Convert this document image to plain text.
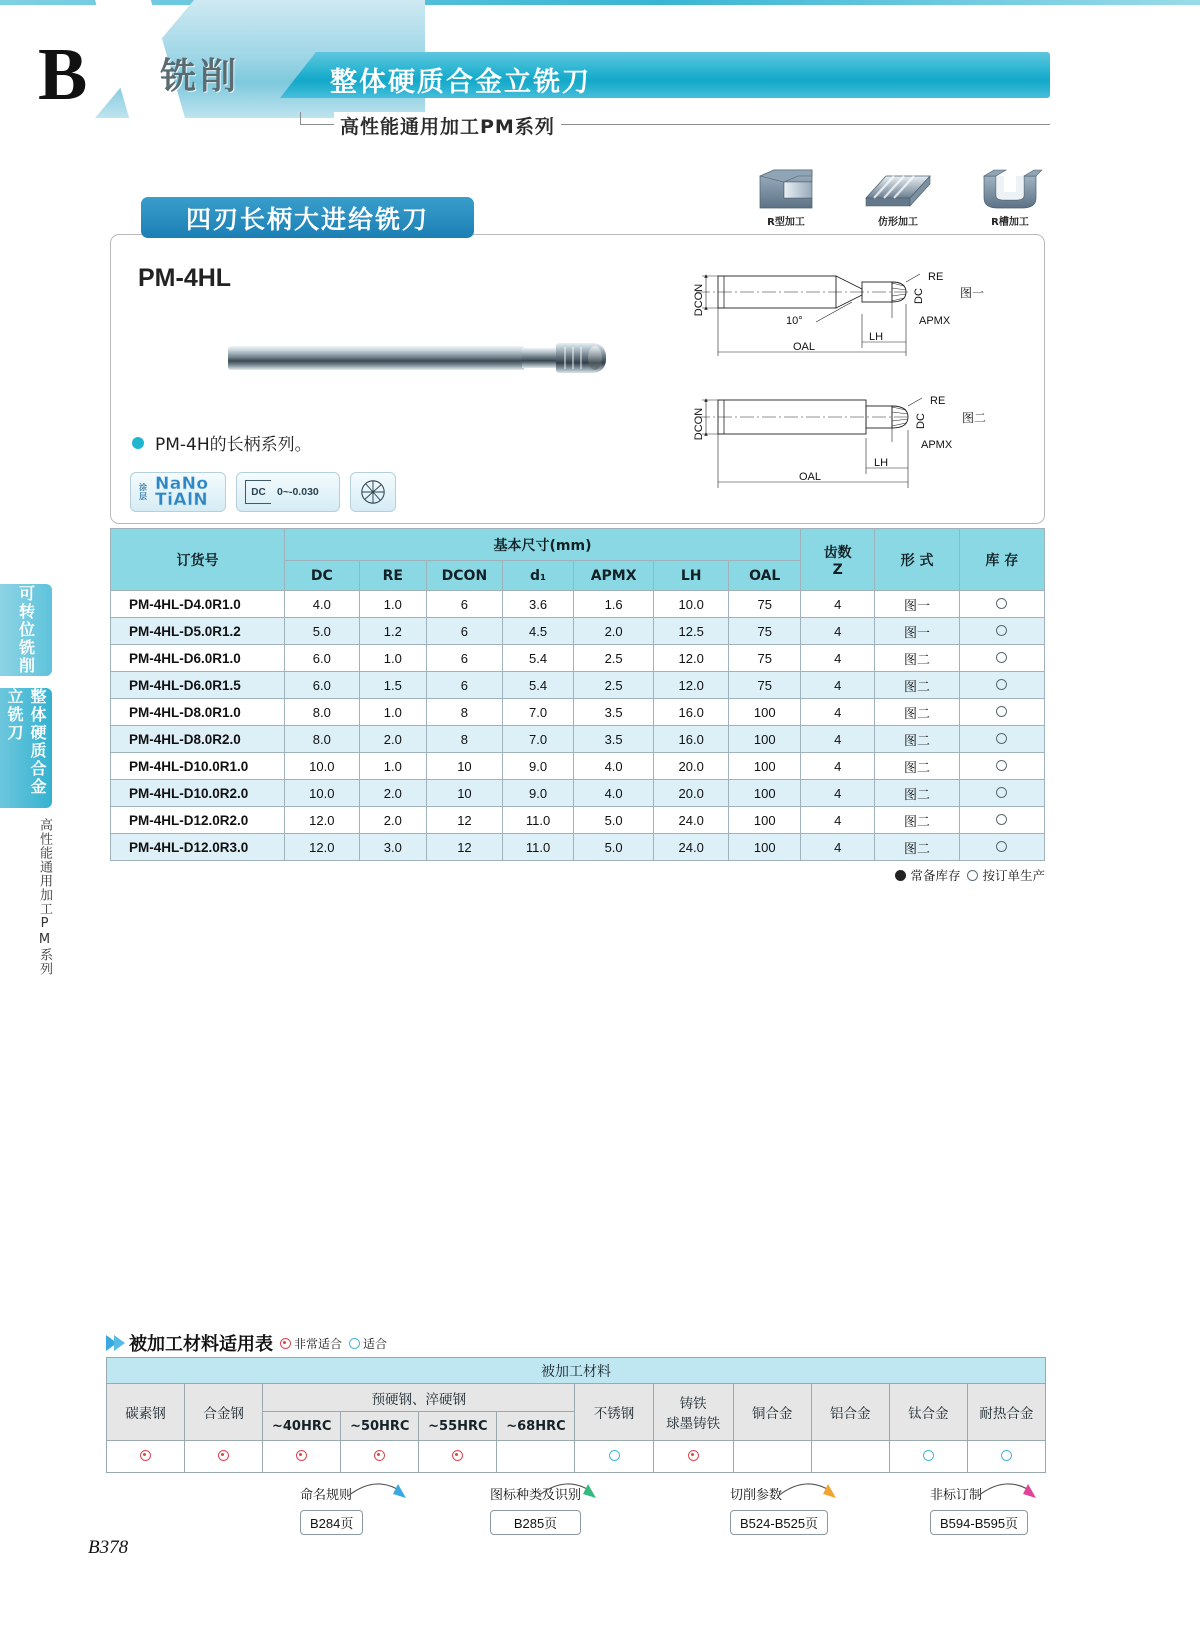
B 铣削	整体硬质合金立铣刀
高性能通用加工PM系列
可转位铣削
整体硬质合金立铣刀
高性能通用加工PM系列
R型加工	仿形加工	R槽加工
四刃长柄大进给铣刀
PM-4HL
PM-4H的长柄系列。
涂层
NaNo
TiAlN	DC	0~-0.030
DCON
RE
DC
APMX
LH
OAL
10°
图一
DCON
RE
DC
APMX
LH
OAL
图二
订货号	基本尺寸(mm)							齿数
Z	形 式	库 存
	DC	RE	DCON	d₁	APMX	LH	OAL			
PM-4HL-D4.0R1.0	4.0	1.0	6	3.6	1.6	10.0	75	4	图一	
PM-4HL-D5.0R1.2	5.0	1.2	6	4.5	2.0	12.5	75	4	图一	
PM-4HL-D6.0R1.0	6.0	1.0	6	5.4	2.5	12.0	75	4	图二	
PM-4HL-D6.0R1.5	6.0	1.5	6	5.4	2.5	12.0	75	4	图二	
PM-4HL-D8.0R1.0	8.0	1.0	8	7.0	3.5	16.0	100	4	图二	
PM-4HL-D8.0R2.0	8.0	2.0	8	7.0	3.5	16.0	100	4	图二	
PM-4HL-D10.0R1.0	10.0	1.0	10	9.0	4.0	20.0	100	4	图二	
PM-4HL-D10.0R2.0	10.0	2.0	10	9.0	4.0	20.0	100	4	图二	
PM-4HL-D12.0R2.0	12.0	2.0	12	11.0	5.0	24.0	100	4	图二	
PM-4HL-D12.0R3.0	12.0	3.0	12	11.0	5.0	24.0	100	4	图二	
常备库存 按订单生产
被加工材料适用表 非常适合 适合
被加工材料											
碳素钢	合金钢	预硬钢、淬硬钢				不锈钢	铸铁
球墨铸铁	铜合金	铝合金	钛合金	耐热合金
		~40HRC	~50HRC	~55HRC	~68HRC						

命名规则
B284页
图标种类及识别
B285页
切削参数
B524-B525页
非标订制
B594-B595页
B378
